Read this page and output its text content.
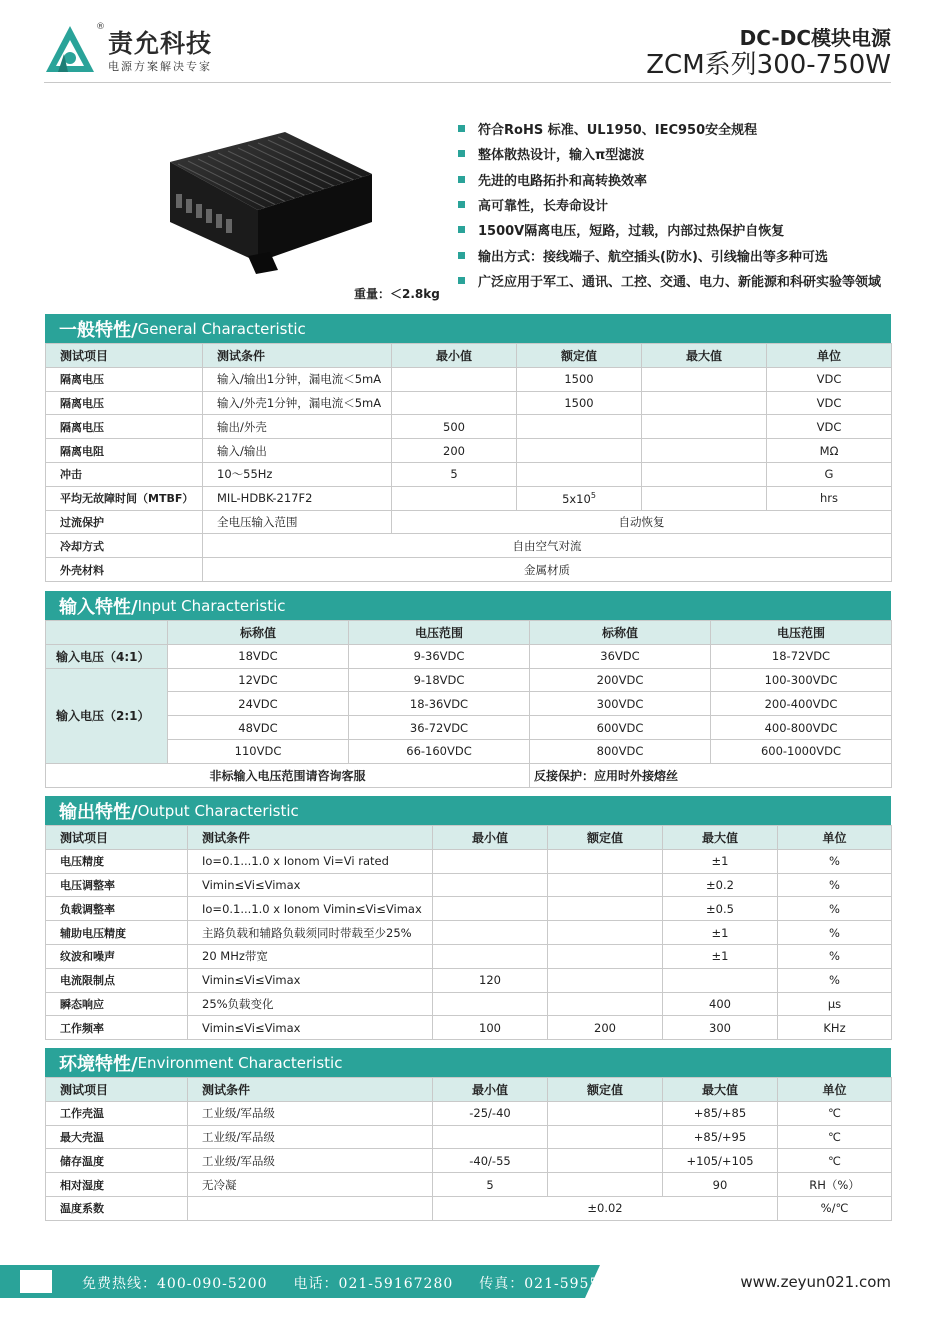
®
责允科技
电源方案解决专家
DC-DC模块电源
ZCM系列300-750W
重量：＜2.8kg
符合RoHS 标准、UL1950、IEC950安全规程
整体散热设计，输入π型滤波
先进的电路拓扑和高转换效率
高可靠性，长寿命设计
1500V隔离电压，短路，过载，内部过热保护自恢复
输出方式：接线端子、航空插头(防水)、引线输出等多种可选
广泛应用于军工、通讯、工控、交通、电力、新能源和科研实验等领域
一般特性/ General Characteristic
测试项目	测试条件	最小值	额定值	最大值	单位
隔离电压	输入/输出1分钟，漏电流＜5mA		1500		VDC
隔离电压	输入/外壳1分钟，漏电流＜5mA		1500		VDC
隔离电压	输出/外壳	500			VDC
隔离电阻	输入/输出	200			MΩ
冲击	10～55Hz	5			G
平均无故障时间（MTBF）	MIL-HDBK-217F2		$5x10^5$		hrs
过流保护	全电压输入范围	自动恢复			
冷却方式	自由空气对流				
外壳材料	金属材质				
输入特性/ Input Characteristic
	标称值	电压范围	标称值	电压范围
输入电压（4:1）	18VDC	9-36VDC	36VDC	18-72VDC
输入电压（2:1）	12VDC	9-18VDC	200VDC	100-300VDC
	24VDC	18-36VDC	300VDC	200-400VDC
	48VDC	36-72VDC	600VDC	400-800VDC
	110VDC	66-160VDC	800VDC	600-1000VDC
非标输入电压范围请咨询客服			反接保护：应用时外接熔丝	
输出特性/ Output Characteristic
测试项目	测试条件	最小值	额定值	最大值	单位
电压精度	Io=0.1...1.0 x Ionom Vi=Vi rated			±1	%
电压调整率	Vimin≤Vi≤Vimax			±0.2	%
负载调整率	Io=0.1...1.0 x Ionom Vimin≤Vi≤Vimax			±0.5	%
辅助电压精度	主路负载和辅路负载须同时带载至少25%			±1	%
纹波和噪声	20 MHz带宽			±1	%
电流限制点	Vimin≤Vi≤Vimax	120			%
瞬态响应	25%负载变化			400	μs
工作频率	Vimin≤Vi≤Vimax	100	200	300	KHz
环境特性/ Environment Characteristic
测试项目	测试条件	最小值	额定值	最大值	单位
工作壳温	工业级/军品级	-25/-40		+85/+85	℃
最大壳温	工业级/军品级			+85/+95	℃
储存温度	工业级/军品级	-40/-55		+105/+105	℃
相对湿度	无冷凝	5		90	RH（%）
温度系数		±0.02			%/℃
免费热线：400-090-5200 电话：021-59167280 传真：021-59553702	www.zeyun021.com
